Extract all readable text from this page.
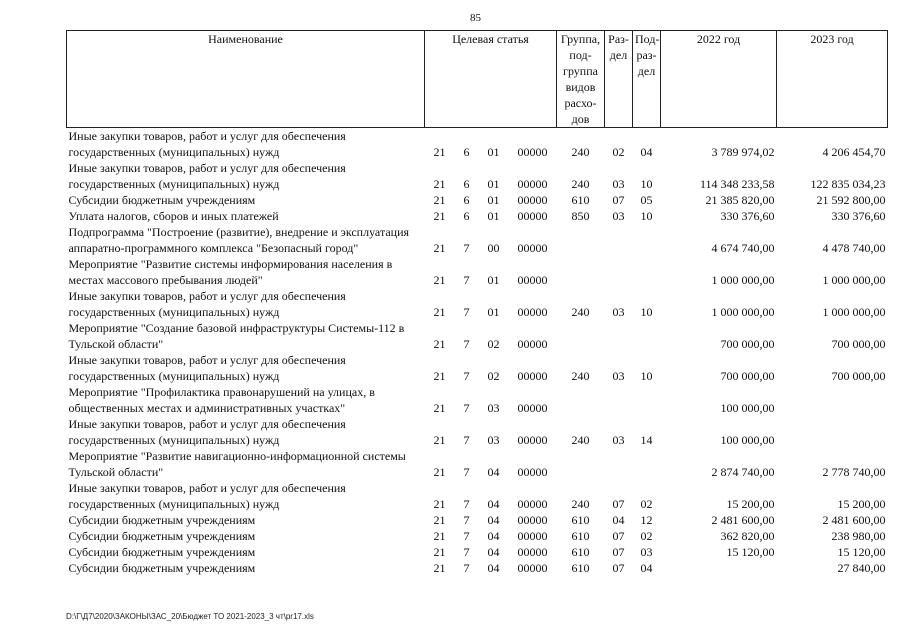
85
Наименование	Целевая статья				Группа, под- группа видов расхо- дов	Раз- дел	Под- раз- дел	2022 год	2023 год
Иные закупки товаров, работ и услуг для обеспечения государственных (муниципальных) нужд	21	6	01	00000	240	02	04	3 789 974,02	4 206 454,70
Иные закупки товаров, работ и услуг для обеспечения государственных (муниципальных) нужд	21	6	01	00000	240	03	10	114 348 233,58	122 835 034,23
Субсидии бюджетным учреждениям	21	6	01	00000	610	07	05	21 385 820,00	21 592 800,00
Уплата налогов, сборов и иных платежей	21	6	01	00000	850	03	10	330 376,60	330 376,60
Подпрограмма "Построение (развитие), внедрение и эксплуатация аппаратно-программного комплекса "Безопасный город"	21	7	00	00000				4 674 740,00	4 478 740,00
Мероприятие "Развитие системы информирования населения в местах массового пребывания людей"	21	7	01	00000				1 000 000,00	1 000 000,00
Иные закупки товаров, работ и услуг для обеспечения государственных (муниципальных) нужд	21	7	01	00000	240	03	10	1 000 000,00	1 000 000,00
Мероприятие "Создание базовой инфраструктуры Системы-112 в Тульской области"	21	7	02	00000				700 000,00	700 000,00
Иные закупки товаров, работ и услуг для обеспечения государственных (муниципальных) нужд	21	7	02	00000	240	03	10	700 000,00	700 000,00
Мероприятие "Профилактика правонарушений на улицах, в общественных местах и административных участках"	21	7	03	00000				100 000,00	
Иные закупки товаров, работ и услуг для обеспечения государственных (муниципальных) нужд	21	7	03	00000	240	03	14	100 000,00	
Мероприятие "Развитие навигационно-информационной системы Тульской области"	21	7	04	00000				2 874 740,00	2 778 740,00
Иные закупки товаров, работ и услуг для обеспечения государственных (муниципальных) нужд	21	7	04	00000	240	07	02	15 200,00	15 200,00
Субсидии бюджетным учреждениям	21	7	04	00000	610	04	12	2 481 600,00	2 481 600,00
Субсидии бюджетным учреждениям	21	7	04	00000	610	07	02	362 820,00	238 980,00
Субсидии бюджетным учреждениям	21	7	04	00000	610	07	03	15 120,00	15 120,00
Субсидии бюджетным учреждениям	21	7	04	00000	610	07	04		27 840,00
D:\Г\Д7\2020\ЗАКОНЫ\ЗАС_20\Бюджет ТО 2021-2023_3 чт\pr17.xls
